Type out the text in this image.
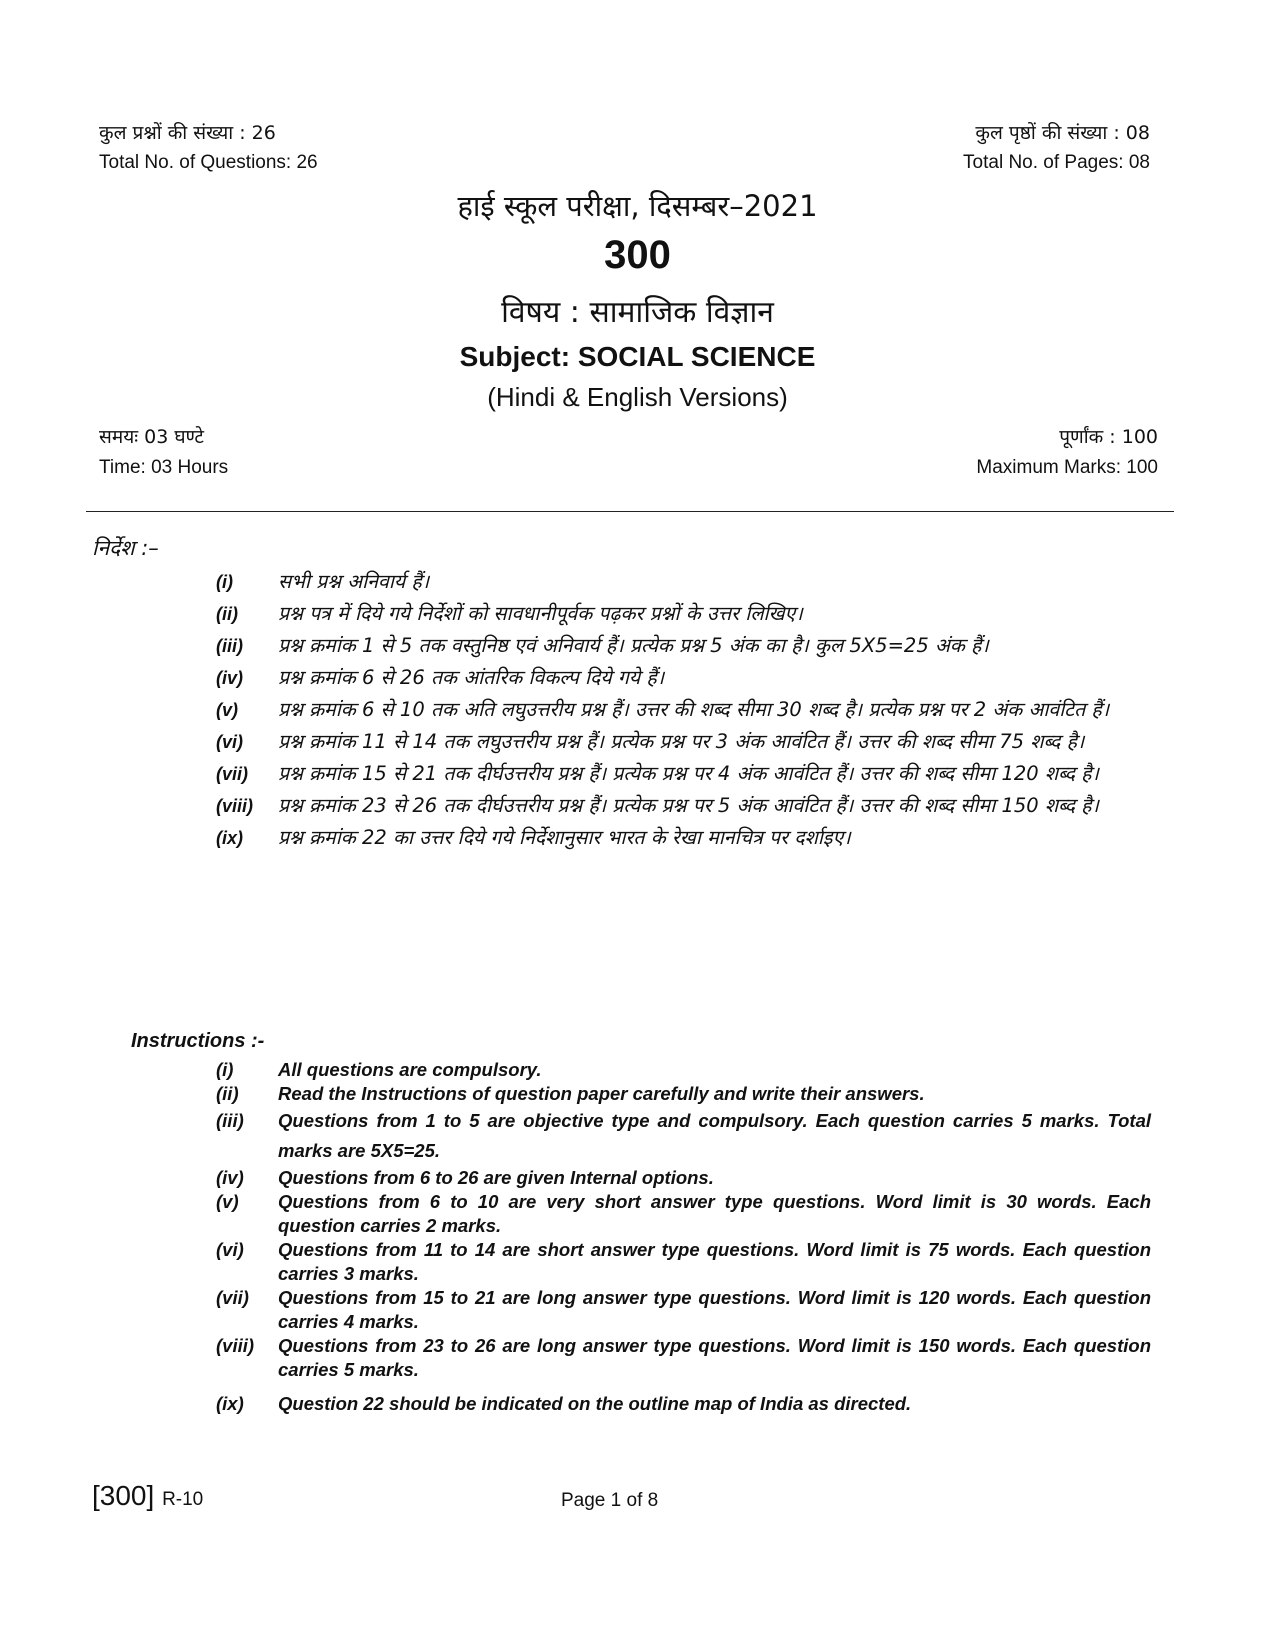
कुल प्रश्नों की संख्या : 26
Total No. of Questions: 26
कुल पृष्ठों की संख्या : 08
Total No. of Pages: 08
हाई स्कूल परीक्षा, दिसम्बर–2021
300
विषय : सामाजिक विज्ञान
Subject: SOCIAL SCIENCE
(Hindi & English Versions)
समयः 03 घण्टे
Time: 03 Hours
पूर्णांक : 100
Maximum Marks: 100
निर्देश :–
(i)	सभी प्रश्न अनिवार्य हैं।
(ii)	प्रश्न पत्र में दिये गये निर्देशों को सावधानीपूर्वक पढ़कर प्रश्नों के उत्तर लिखिए।
(iii)	प्रश्न क्रमांक 1 से 5 तक वस्तुनिष्ठ एवं अनिवार्य हैं। प्रत्येक प्रश्न 5 अंक का है। कुल 5X5=25 अंक हैं।
(iv)	प्रश्न क्रमांक 6 से 26 तक आंतरिक विकल्प दिये गये हैं।
(v)	प्रश्न क्रमांक 6 से 10 तक अति लघुउत्तरीय प्रश्न हैं। उत्तर की शब्द सीमा 30 शब्द है। प्रत्येक प्रश्न पर 2 अंक आवंटित हैं।
(vi)	प्रश्न क्रमांक 11 से 14 तक लघुउत्तरीय प्रश्न हैं। प्रत्येक प्रश्न पर 3 अंक आवंटित हैं। उत्तर की शब्द सीमा 75 शब्द है।
(vii)	प्रश्न क्रमांक 15 से 21 तक दीर्घउत्तरीय प्रश्न हैं। प्रत्येक प्रश्न पर 4 अंक आवंटित हैं। उत्तर की शब्द सीमा 120 शब्द है।
(viii)	प्रश्न क्रमांक 23 से 26 तक दीर्घउत्तरीय प्रश्न हैं। प्रत्येक प्रश्न पर 5 अंक आवंटित हैं। उत्तर की शब्द सीमा 150 शब्द है।
(ix)	प्रश्न क्रमांक 22 का उत्तर दिये गये निर्देशानुसार भारत के रेखा मानचित्र पर दर्शाइए।
Instructions :-
(i)	All questions are compulsory.
(ii)	Read the Instructions of question paper carefully and write their answers.
(iii)	Questions from 1 to 5 are objective type and compulsory. Each question carries 5 marks. Total marks are 5X5=25.
(iv)	Questions from 6 to 26 are given Internal options.
(v)	Questions from 6 to 10 are very short answer type questions. Word limit is 30 words. Each question carries 2 marks.
(vi)	Questions from 11 to 14 are short answer type questions. Word limit is 75 words. Each question carries 3 marks.
(vii)	Questions from 15 to 21 are long answer type questions. Word limit is 120 words. Each question carries 4 marks.
(viii)	Questions from 23 to 26 are long answer type questions. Word limit is 150 words. Each question carries 5 marks.
(ix)	Question 22 should be indicated on the outline map of India as directed.
[300] R-10	Page 1 of 8
